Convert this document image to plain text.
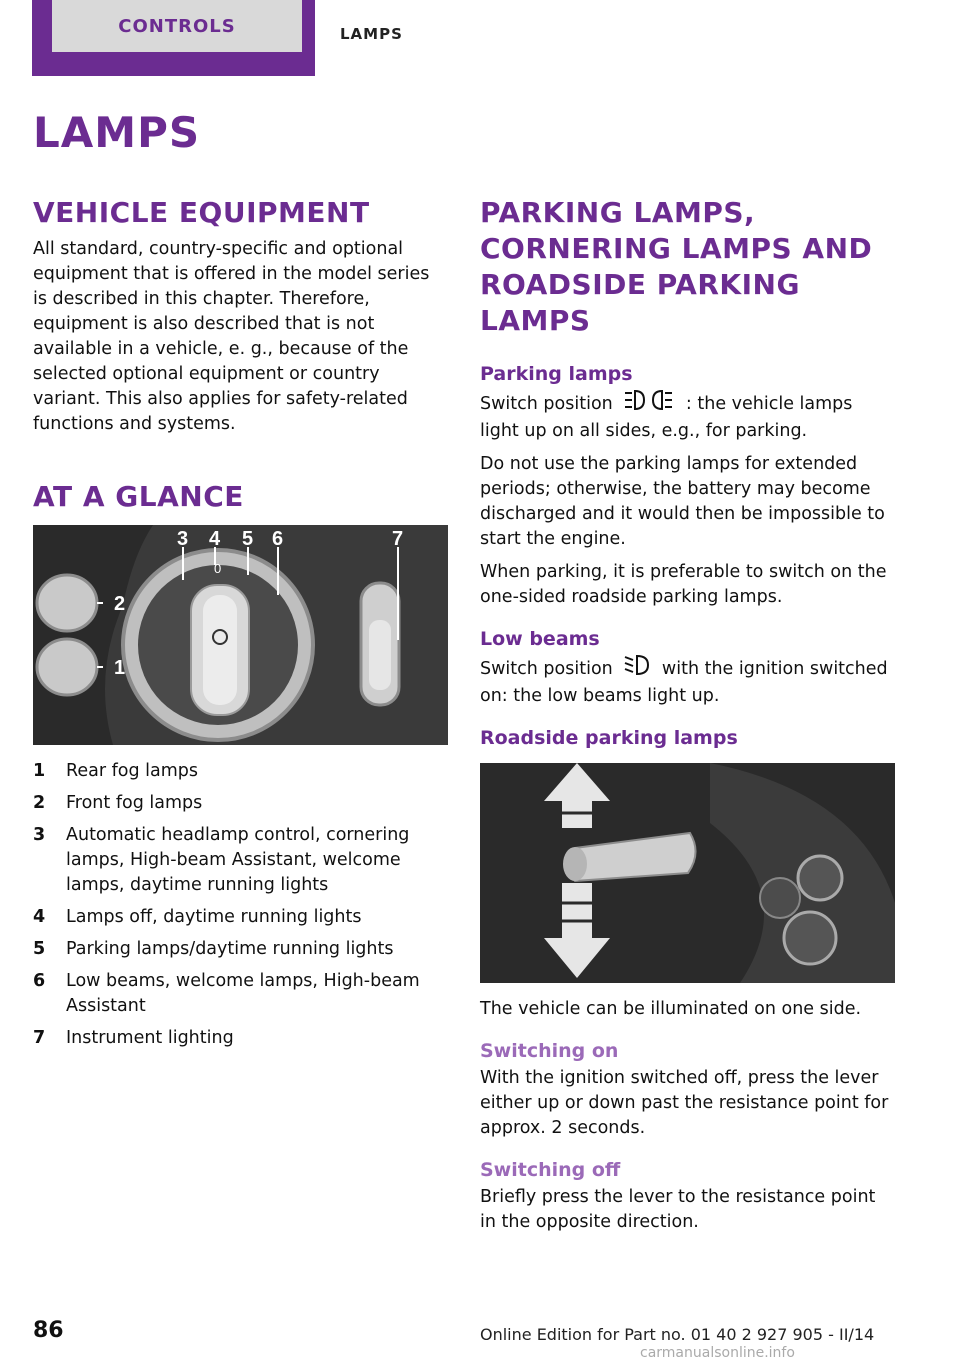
CONTROLS	LAMPS
LAMPS
VEHICLE EQUIPMENT

All standard, country-specific and optional equipment that is offered in the model series is described in this chapter. Therefore, equipment is also described that is not available in a vehicle, e. g., because of the selected optional equipment or country variant. This also applies for safety-related functions and systems.

AT A GLANCE
2
1
3 4 5 6	7
0
1	Rear fog lamps
2	Front fog lamps
3	Automatic headlamp control, cornering lamps, High-beam Assistant, welcome lamps, daytime running lights
4	Lamps off, daytime running lights
5	Parking lamps/daytime running lights
6	Low beams, welcome lamps, High-beam Assistant
7	Instrument lighting
PARKING LAMPS, CORNERING LAMPS AND ROADSIDE PARKING LAMPS
Parking lamps

Switch position	: the vehicle lamps light up on all sides, e.g., for parking.

Do not use the parking lamps for extended periods; otherwise, the battery may become discharged and it would then be impossible to start the engine.

When parking, it is preferable to switch on the one-sided roadside parking lamps.

Low beams

Switch position	with the ignition switched on: the low beams light up.

Roadside parking lamps

The vehicle can be illuminated on one side.

Switching on

With the ignition switched off, press the lever either up or down past the resistance point for approx. 2 seconds.

Switching off

Briefly press the lever to the resistance point in the opposite direction.

86	Online Edition for Part no. 01 40 2 927 905 - II/14
carmanualsonline.info
